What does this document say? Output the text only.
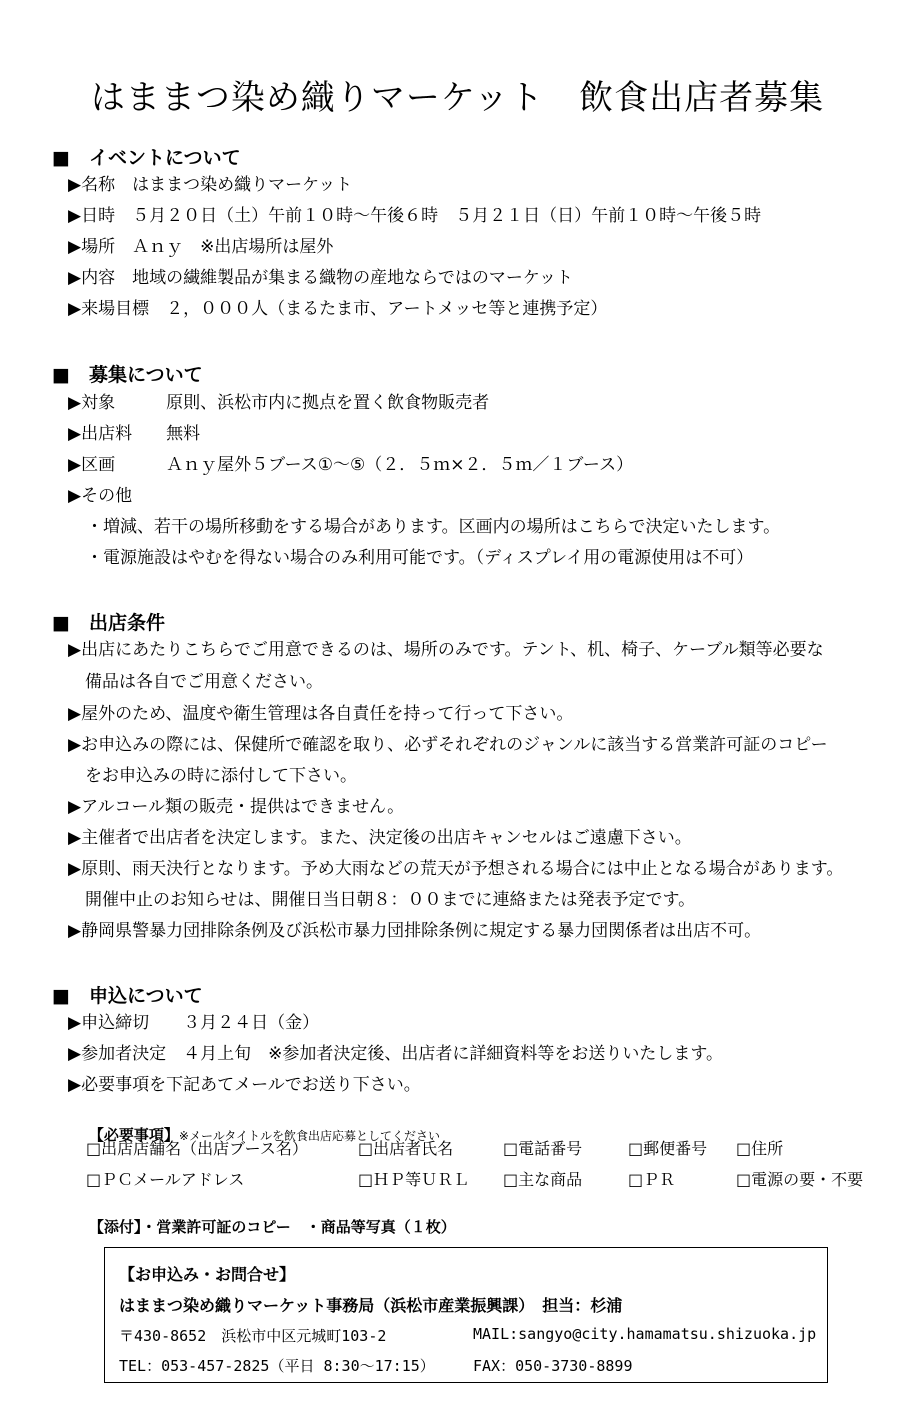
はままつ染め織りマーケット　飲食出店者募集
■　イベントについて
▶名称　はままつ染め織りマーケット
▶日時　５月２０日（土）午前１０時～午後６時　５月２１日（日）午前１０時～午後５時
▶場所　Ａｎｙ　※出店場所は屋外
▶内容　地域の繊維製品が集まる織物の産地ならではのマーケット
▶来場目標　２，０００人（まるたま市、アートメッセ等と連携予定）
■　募集について
▶対象　　　原則、浜松市内に拠点を置く飲食物販売者
▶出店料　　無料
▶区画　　　Ａｎｙ屋外５ブース①～⑤（２．５ｍ×２．５ｍ／１ブース）
▶その他
・増減、若干の場所移動をする場合があります。区画内の場所はこちらで決定いたします。
・電源施設はやむを得ない場合のみ利用可能です。（ディスプレイ用の電源使用は不可）
■　出店条件
▶出店にあたりこちらでご用意できるのは、場所のみです。テント、机、椅子、ケーブル類等必要な
　備品は各自でご用意ください。
▶屋外のため、温度や衛生管理は各自責任を持って行って下さい。
▶お申込みの際には、保健所で確認を取り、必ずそれぞれのジャンルに該当する営業許可証のコピー
　をお申込みの時に添付して下さい。
▶アルコール類の販売・提供はできません。
▶主催者で出店者を決定します。また、決定後の出店キャンセルはご遠慮下さい。
▶原則、雨天決行となります。予め大雨などの荒天が予想される場合には中止となる場合があります。
　開催中止のお知らせは、開催日当日朝８：００までに連絡または発表予定です。
▶静岡県警暴力団排除条例及び浜松市暴力団排除条例に規定する暴力団関係者は出店不可。
■　申込について
▶申込締切　　３月２４日（金）
▶参加者決定　４月上旬　※参加者決定後、出店者に詳細資料等をお送りいたします。
▶必要事項を下記あてメールでお送り下さい。

【必要事項】※メールタイトルを飲食出店応募としてください

□出店店舗名（出店ブース名）	□出店者氏名	□電話番号	□郵便番号 □住所
□ＰＣメールアドレス	□ＨＰ等ＵＲＬ □主な商品	□ＰＲ	□電源の要・不要

【添付】・営業許可証のコピー　・商品等写真（１枚）

【お申込み・お問合せ】
はままつ染め織りマーケット事務局（浜松市産業振興課）　担当：杉浦
〒430-8652　浜松市中区元城町103-2	MAIL:sangyo@city.hamamatsu.shizuoka.jp
TEL：053-457-2825（平日 8:30～17:15）	FAX：050-3730-8899
